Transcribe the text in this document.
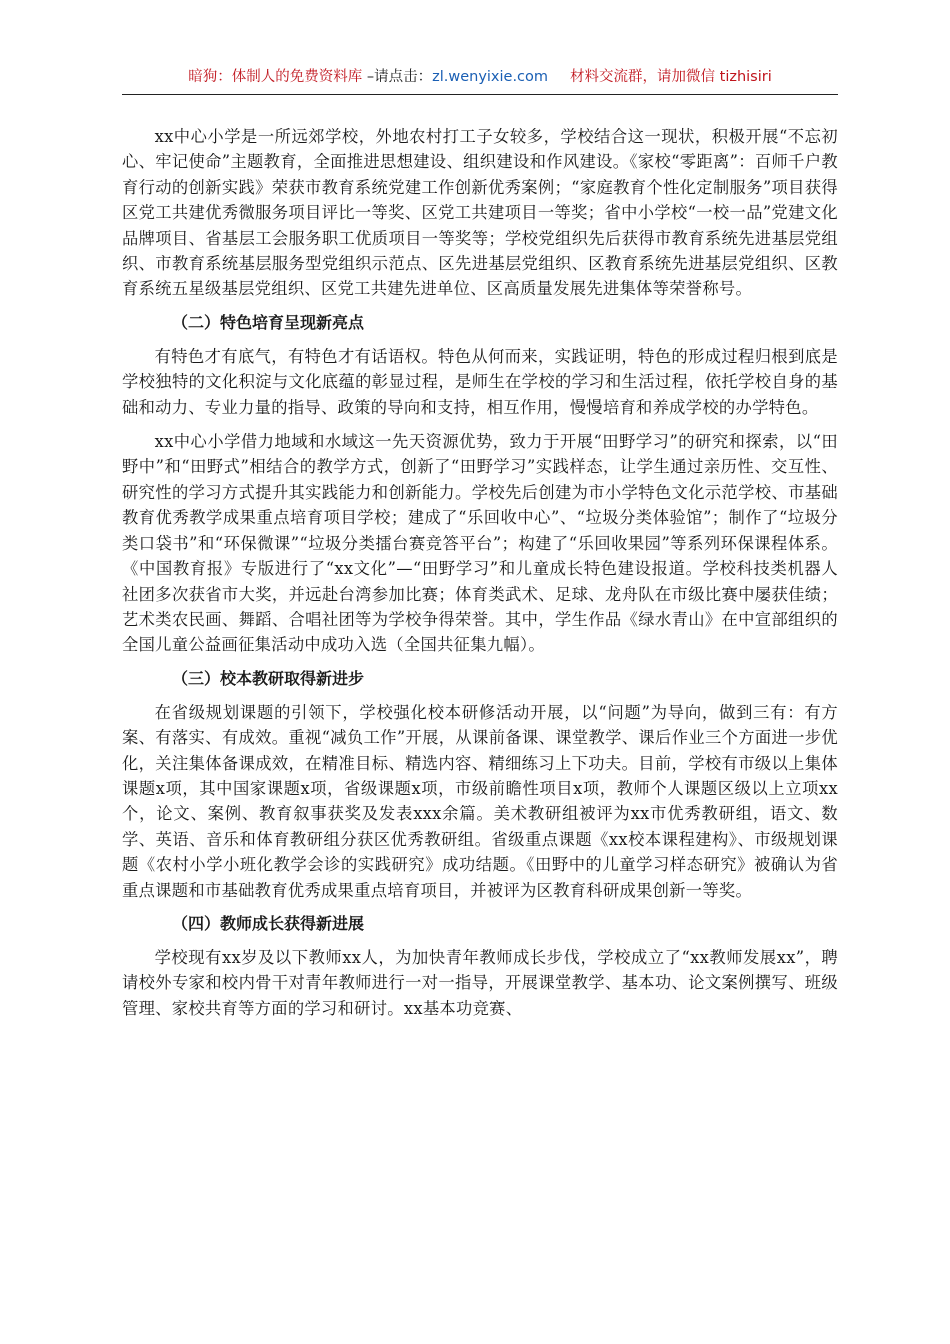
暗狗：体制人的免费资料库 –请点击：zl.wenyixie.com 材料交流群，请加微信 tizhisiri

xx中心小学是一所远郊学校，外地农村打工子女较多，学校结合这一现状，积极开展“不忘初心、牢记使命”主题教育，全面推进思想建设、组织建设和作风建设。《家校“零距离”：百师千户教育行动的创新实践》荣获市教育系统党建工作创新优秀案例；“家庭教育个性化定制服务”项目获得区党工共建优秀微服务项目评比一等奖、区党工共建项目一等奖；省中小学校“一校一品”党建文化品牌项目、省基层工会服务职工优质项目一等奖等；学校党组织先后获得市教育系统先进基层党组织、市教育系统基层服务型党组织示范点、区先进基层党组织、区教育系统先进基层党组织、区教育系统五星级基层党组织、区党工共建先进单位、区高质量发展先进集体等荣誉称号。

（二）特色培育呈现新亮点

有特色才有底气，有特色才有话语权。特色从何而来，实践证明，特色的形成过程归根到底是学校独特的文化积淀与文化底蕴的彰显过程，是师生在学校的学习和生活过程，依托学校自身的基础和动力、专业力量的指导、政策的导向和支持，相互作用，慢慢培育和养成学校的办学特色。

xx中心小学借力地域和水域这一先天资源优势，致力于开展“田野学习”的研究和探索，以“田野中”和“田野式”相结合的教学方式，创新了“田野学习”实践样态，让学生通过亲历性、交互性、研究性的学习方式提升其实践能力和创新能力。学校先后创建为市小学特色文化示范学校、市基础教育优秀教学成果重点培育项目学校；建成了“乐回收中心”、“垃圾分类体验馆”；制作了“垃圾分类口袋书”和“环保微课”“垃圾分类擂台赛竞答平台”；构建了“乐回收果园”等系列环保课程体系。《中国教育报》专版进行了“xx文化”—“田野学习”和儿童成长特色建设报道。学校科技类机器人社团多次获省市大奖，并远赴台湾参加比赛；体育类武术、足球、龙舟队在市级比赛中屡获佳绩；艺术类农民画、舞蹈、合唱社团等为学校争得荣誉。其中，学生作品《绿水青山》在中宣部组织的全国儿童公益画征集活动中成功入选（全国共征集九幅）。

（三）校本教研取得新进步

在省级规划课题的引领下，学校强化校本研修活动开展，以“问题”为导向，做到三有：有方案、有落实、有成效。重视“减负工作”开展，从课前备课、课堂教学、课后作业三个方面进一步优化，关注集体备课成效，在精准目标、精选内容、精细练习上下功夫。目前，学校有市级以上集体课题x项，其中国家课题x项，省级课题x项，市级前瞻性项目x项，教师个人课题区级以上立项xx个，论文、案例、教育叙事获奖及发表xxx余篇。美术教研组被评为xx市优秀教研组，语文、数学、英语、音乐和体育教研组分获区优秀教研组。省级重点课题《xx校本课程建构》、市级规划课题《农村小学小班化教学会诊的实践研究》成功结题。《田野中的儿童学习样态研究》被确认为省重点课题和市基础教育优秀成果重点培育项目，并被评为区教育科研成果创新一等奖。

（四）教师成长获得新进展

学校现有xx岁及以下教师xx人，为加快青年教师成长步伐，学校成立了“xx教师发展xx”，聘请校外专家和校内骨干对青年教师进行一对一指导，开展课堂教学、基本功、论文案例撰写、班级管理、家校共育等方面的学习和研讨。xx基本功竞赛、
